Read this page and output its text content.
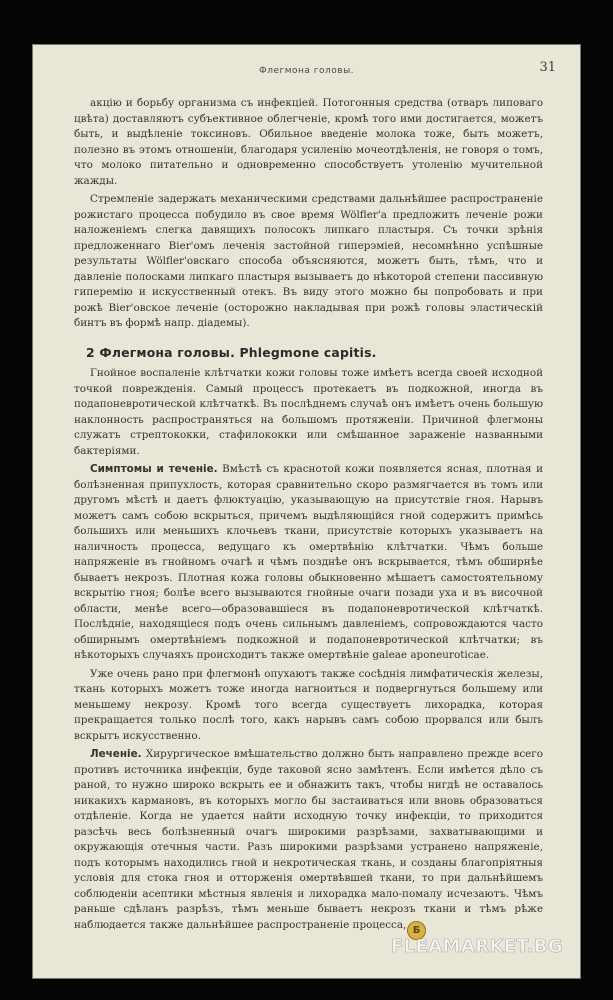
Флегмона головы.	31

акцію и борьбу организма съ инфекціей. Потогонныя средства (отваръ липоваго цвѣта) доставляютъ субъективное облегченіе, кромѣ того ими достигается, можетъ быть, и выдѣленіе токсиновъ. Обильное введеніе молока тоже, быть можетъ, полезно въ этомъ отношеніи, благодаря усиленію мочеотдѣленія, не говоря о томъ, что молоко питательно и одновременно способствуетъ утоленію мучительной жажды.

Стремленіе задержать механическими средствами дальнѣйшее распространеніе рожистаго процесса побудило въ свое время Wölfler'а предложить леченіе рожи наложеніемъ слегка давящихъ полосокъ липкаго пластыря. Съ точки зрѣнія предложеннаго Bier'омъ леченія застойной гиперэміей, несомнѣнно успѣшные результаты Wölfler'овскаго способа объясняются, можетъ быть, тѣмъ, что и давленіе полосками липкаго пластыря вызываетъ до нѣкоторой степени пассивную гиперемію и искусственный отекъ. Въ виду этого можно бы попробовать и при рожѣ Bier'овское леченіе (осторожно накладывая при рожѣ головы эластическій бинтъ въ формѣ напр. діадемы).

2 Флегмона головы. Phlegmone capitis.

Гнойное воспаленіе клѣтчатки кожи головы тоже имѣетъ всегда своей исходной точкой поврежденія. Самый процессъ протекаетъ въ подкожной, иногда въ подапоневротической клѣтчаткѣ. Въ послѣднемъ случаѣ онъ имѣетъ очень большую наклонность распространяться на большомъ протяженіи. Причиной флегмоны служатъ стрептококки, стафилококки или смѣшанное зараженіе названными бактеріями.

Симптомы и теченіе. Вмѣстѣ съ краснотой кожи появляется ясная, плотная и болѣзненная припухлость, которая сравнительно скоро размягчается въ томъ или другомъ мѣстѣ и даетъ флюктуацію, указывающую на присутствіе гноя. Нарывъ можетъ самъ собою вскрыться, причемъ выдѣляющійся гной содержитъ примѣсь большихъ или меньшихъ клочьевъ ткани, присутствіе которыхъ указываетъ на наличность процесса, ведущаго къ омертвѣнію клѣтчатки. Чѣмъ больше напряженіе въ гнойномъ очагѣ и чѣмъ позднѣе онъ вскрывается, тѣмъ обширнѣе бываетъ некрозъ. Плотная кожа головы обыкновенно мѣшаетъ самостоятельному вскрытію гноя; болѣе всего вызываются гнойные очаги позади уха и въ височной области, менѣе всего—образовавшіеся въ подапоневротической клѣтчаткѣ. Послѣдніе, находящіеся подъ очень сильнымъ давленіемъ, сопровождаются часто обширнымъ омертвѣніемъ подкожной и подапоневротической клѣтчатки; въ нѣкоторыхъ случаяхъ происходитъ также омертвѣніе galeae aponeuroticae.

Уже очень рано при флегмонѣ опухаютъ также сосѣднія лимфатическія железы, ткань которыхъ можетъ тоже иногда нагноиться и подвергнуться большему или меньшему некрозу. Кромѣ того всегда существуетъ лихорадка, которая прекращается только послѣ того, какъ нарывъ самъ собою прорвался или былъ вскрытъ искусственно.

Леченіе. Хирургическое вмѣшательство должно быть направлено прежде всего противъ источника инфекціи, буде таковой ясно замѣтенъ. Если имѣется дѣло съ раной, то нужно широко вскрыть ее и обнажить такъ, чтобы нигдѣ не оставалось никакихъ кармановъ, въ которыхъ могло бы застаиваться или вновь образоваться отдѣленіе. Когда не удается найти исходную точку инфекціи, то приходится разсѣчь весь болѣзненный очагъ широкими разрѣзами, захватывающими и окружающія отечныя части. Разъ широкими разрѣзами устранено напряженіе, подъ которымъ находились гной и некротическая ткань, и созданы благопріятныя условія для стока гноя и отторженія омертвѣвшей ткани, то при дальнѣйшемъ соблюденіи асептики мѣстныя явленія и лихорадка мало-помалу исчезаютъ. Чѣмъ раньше сдѣланъ разрѣзъ, тѣмъ меньше бываетъ некрозъ ткани и тѣмъ рѣже наблюдается также дальнѣйшее распространеніе процесса, Б
FLEAMARKET.BG
